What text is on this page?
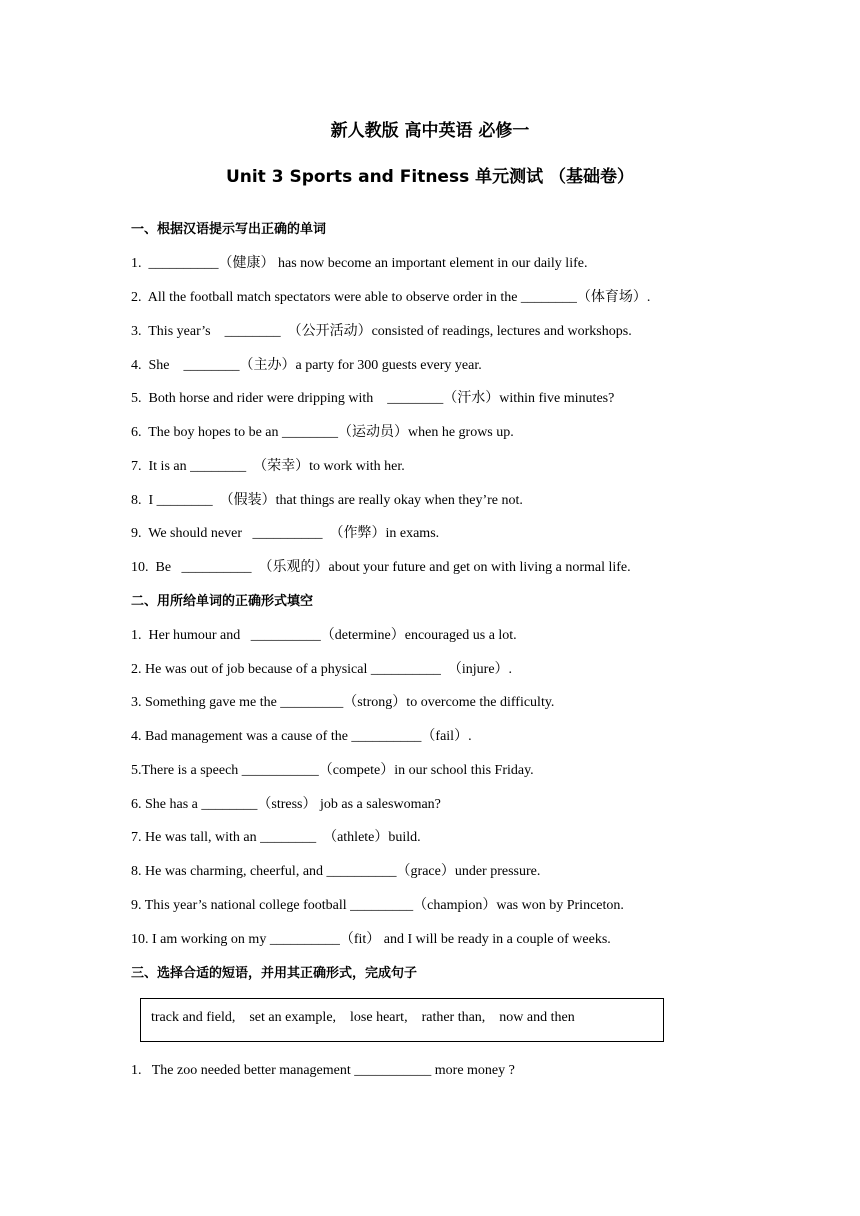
新人教版 高中英语 必修一
Unit 3 Sports and Fitness 单元测试 （基础卷）
一、根据汉语提示写出正确的单词
1.  __________（健康） has now become an important element in our daily life.
2.  All the football match spectators were able to observe order in the ________（体育场）.
3.  This year’s    ________  （公开活动）consisted of readings, lectures and workshops.
4.  She    ________（主办）a party for 300 guests every year.
5.  Both horse and rider were dripping with    ________（汗水）within five minutes?
6.  The boy hopes to be an ________（运动员）when he grows up.
7.  It is an ________  （荣幸）to work with her.
8.  I ________  （假装）that things are really okay when they’re not.
9.  We should never   __________  （作弊）in exams.
10.  Be   __________  （乐观的）about your future and get on with living a normal life.
二、用所给单词的正确形式填空
1.  Her humour and   __________（determine）encouraged us a lot.
2. He was out of job because of a physical __________  （injure）.
3. Something gave me the _________（strong）to overcome the difficulty.
4. Bad management was a cause of the __________（fail）.
5.There is a speech ___________（compete）in our school this Friday.
6. She has a ________（stress） job as a saleswoman?
7. He was tall, with an ________  （athlete）build.
8. He was charming, cheerful, and __________（grace）under pressure.
9. This year’s national college football _________（champion）was won by Princeton.
10. I am working on my __________（fit） and I will be ready in a couple of weeks.
三、选择合适的短语，并用其正确形式，完成句子
track and field,    set an example,    lose heart,    rather than,    now and then
1.   The zoo needed better management ___________ more money ?
